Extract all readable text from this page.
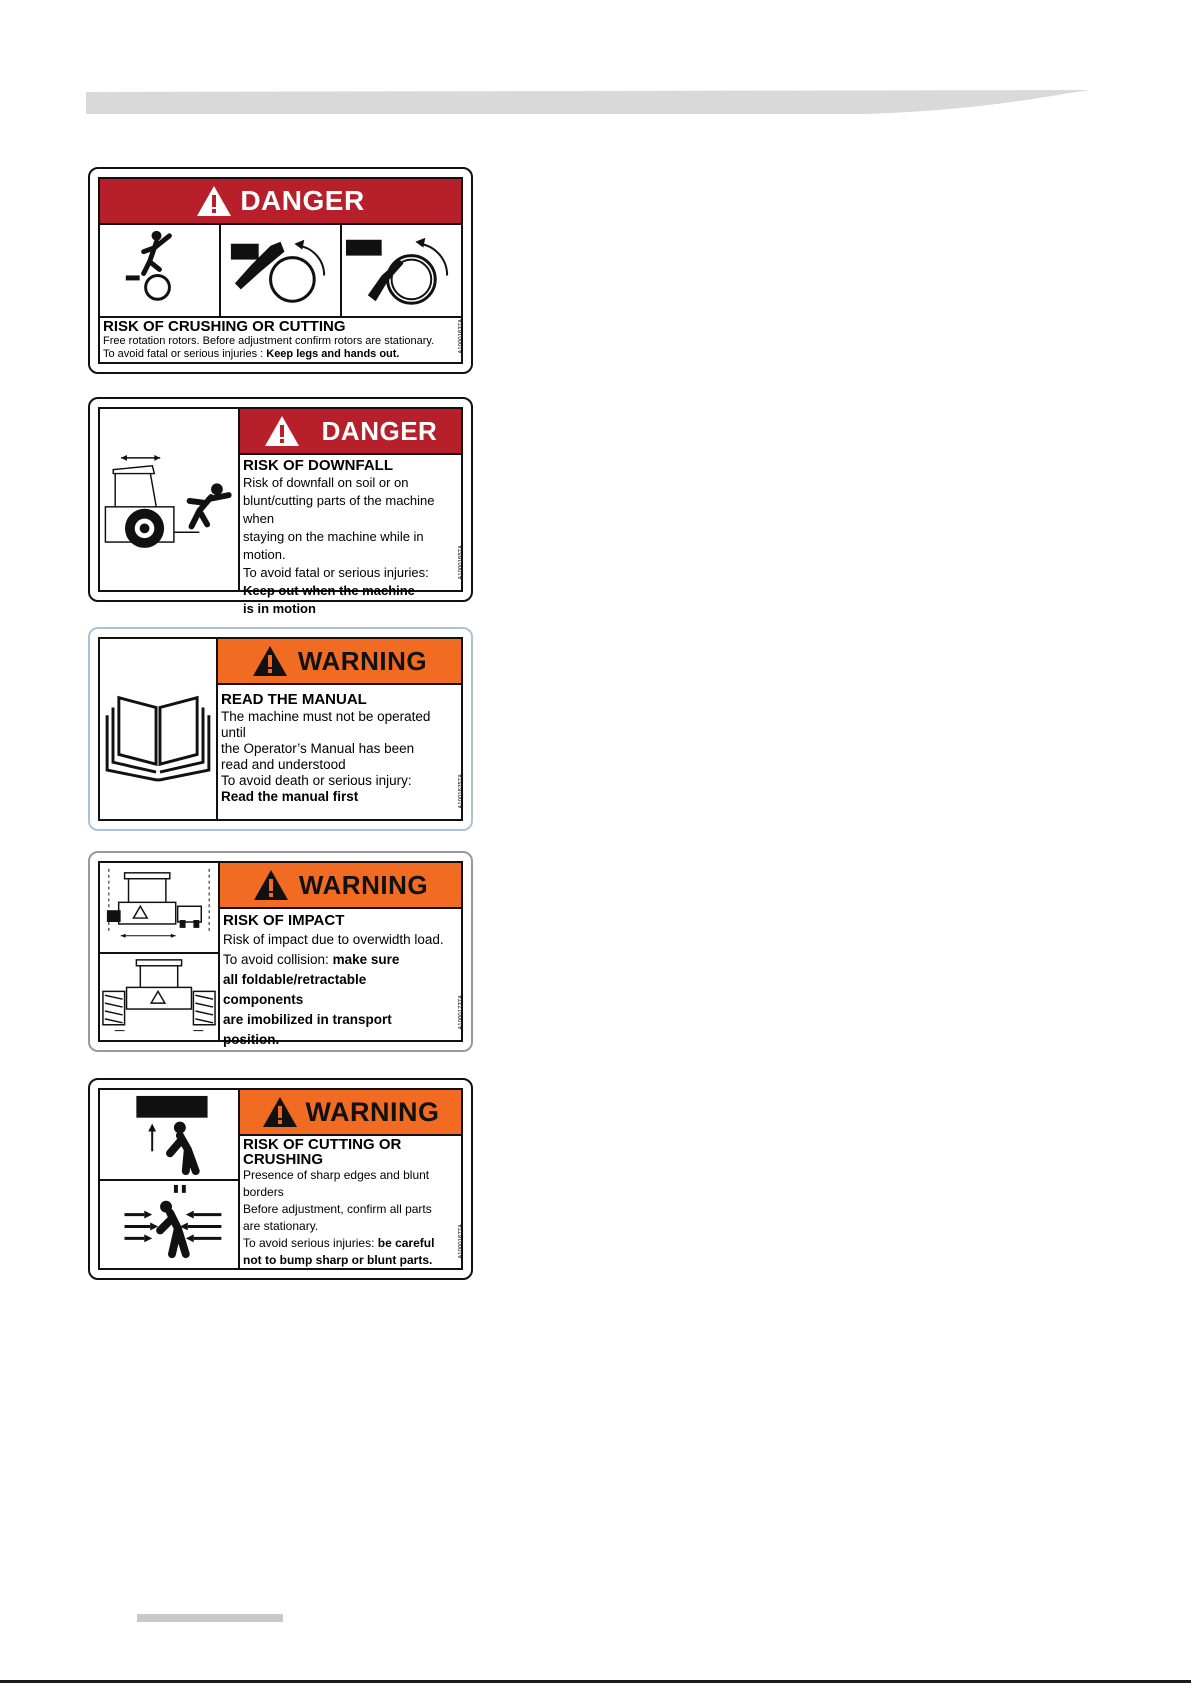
DANGER
RISK OF CRUSHING OR CUTTING
Free rotation rotors. Before adjustment confirm rotors are stationary.
To avoid fatal or serious injuries : Keep legs and hands out.
A10001637A
DANGER
RISK OF DOWNFALL
Risk of downfall on soil or on
blunt/cutting parts of the machine when
staying on the machine while in motion.
To avoid fatal or serious injuries:
Keep out when the machine
is in motion
A10001657A
WARNING
READ THE MANUAL
The machine must not be operated until
the Operator’s Manual has been
read and understood
To avoid death or serious injury:
Read the manual first	A10016257A
WARNING
RISK OF IMPACT
Risk of impact due to overwidth load.
To avoid collision: make sure
all foldable/retractable components
are imobilized in transport position.
A10001737A
WARNING
RISK OF CUTTING OR
CRUSHING
Presence of sharp edges and blunt borders
Before adjustment, confirm all parts
are stationary.
To avoid serious injuries: be careful
not to bump sharp or blunt parts.
A10001677A
